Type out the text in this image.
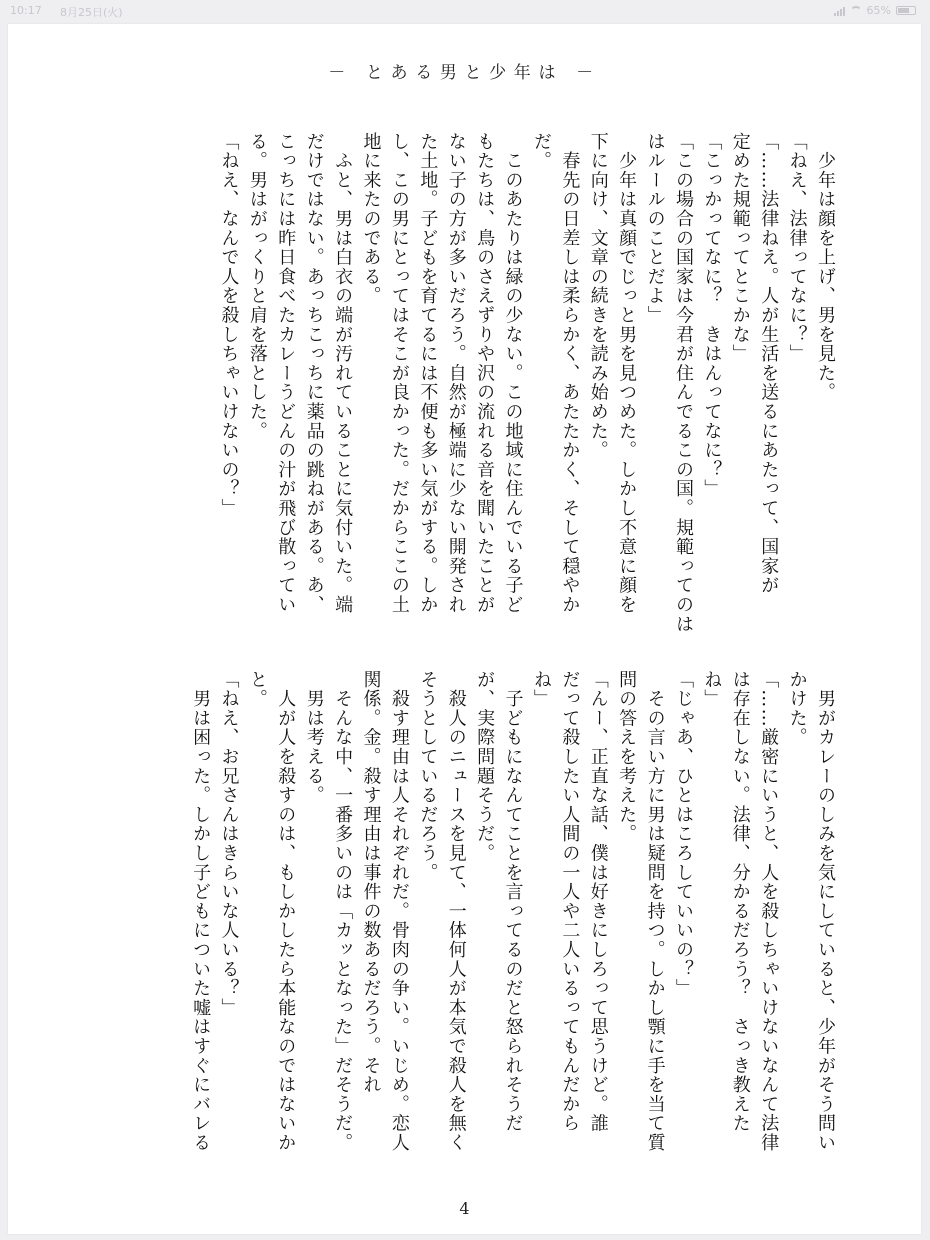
10:17 8月25日(火)	65%
－ とある男と少年は －

　少年は顔を上げ、男を見た。

「ねえ、法律ってなに？」

「……法律ねえ。人が生活を送るにあたって、国家が

定めた規範ってとこかな」

「こっかってなに？　きはんってなに？」

「この場合の国家は今君が住んでるこの国。規範ってのは

はルールのことだよ」

　少年は真顔でじっと男を見つめた。しかし不意に顔を

下に向け、文章の続きを読み始めた。

　春先の日差しは柔らかく、あたたかく、そして穏やか

だ。

　このあたりは緑の少ない。この地域に住んでいる子ど

もたちは、鳥のさえずりや沢の流れる音を聞いたことが

ない子の方が多いだろう。自然が極端に少ない開発され

た土地。子どもを育てるには不便も多い気がする。しか

し、この男にとってはそこが良かった。だからここの土

地に来たのである。

　ふと、男は白衣の端が汚れていることに気付いた。端

だけではない。あっちこっちに薬品の跳ねがある。あ、

こっちには昨日食べたカレーうどんの汁が飛び散ってい

る。男はがっくりと肩を落とした。

「ねえ、なんで人を殺しちゃいけないの？」

　男がカレーのしみを気にしていると、少年がそう問い

かけた。

「……厳密にいうと、人を殺しちゃいけないなんて法律

は存在しない。法律、分かるだろう？　さっき教えた

ね」

「じゃあ、ひとはころしていいの？」

　その言い方に男は疑問を持つ。しかし顎に手を当て質

問の答えを考えた。

「んー、正直な話、僕は好きにしろって思うけど。誰

だって殺したい人間の一人や二人いるってもんだから

ね」

　子どもになんてことを言ってるのだと怒られそうだ

が、実際問題そうだ。

　殺人のニュースを見て、一体何人が本気で殺人を無く

そうとしているだろう。

　殺す理由は人それぞれだ。骨肉の争い。いじめ。恋人

関係。金。殺す理由は事件の数あるだろう。それ

　そんな中、一番多いのは「カッとなった」だそうだ。

　男は考える。

　人が人を殺すのは、もしかしたら本能なのではないか

と。

「ねえ、お兄さんはきらいな人いる？」

　男は困った。しかし子どもについた嘘はすぐにバレる

4
